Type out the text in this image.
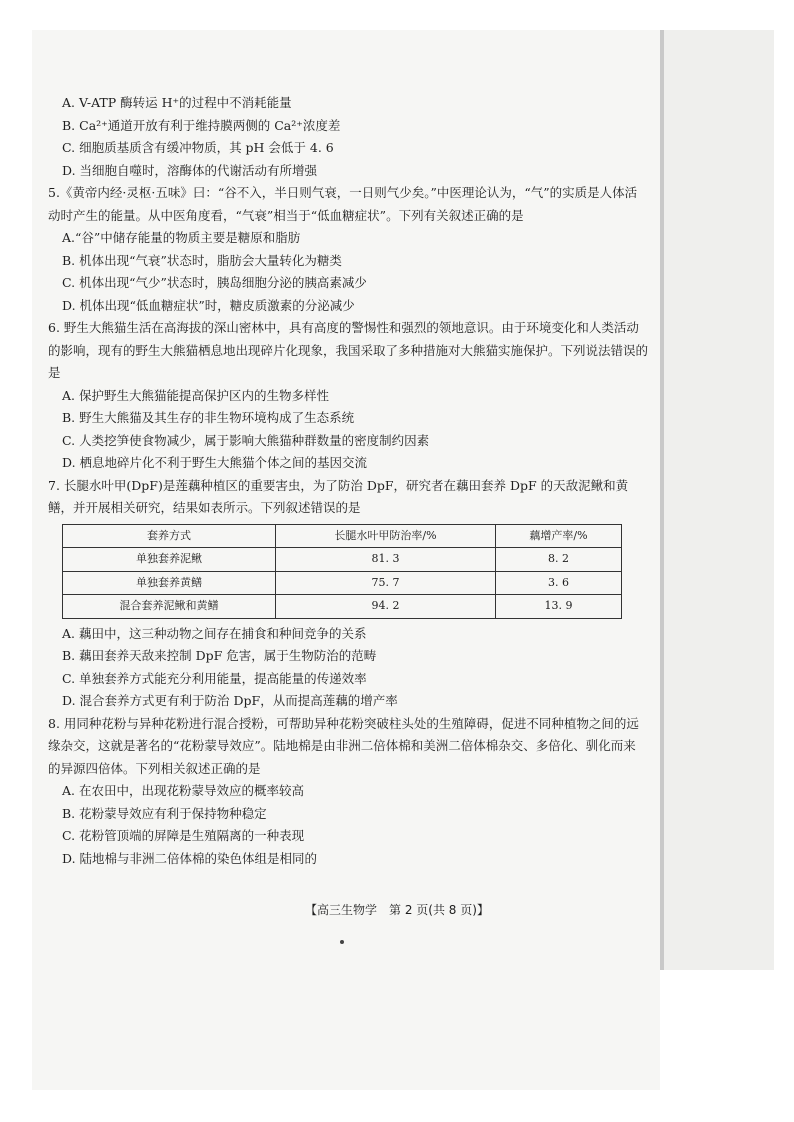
A. V-ATP 酶转运 H⁺的过程中不消耗能量
B. Ca²⁺通道开放有利于维持膜两侧的 Ca²⁺浓度差
C. 细胞质基质含有缓冲物质，其 pH 会低于 4. 6
D. 当细胞自噬时，溶酶体的代谢活动有所增强
5.《黄帝内经·灵枢·五味》曰：“谷不入，半日则气衰，一日则气少矣。”中医理论认为，“气”的实质是人体活动时产生的能量。从中医角度看，“气衰”相当于“低血糖症状”。下列有关叙述正确的是
A.“谷”中储存能量的物质主要是糖原和脂肪
B. 机体出现“气衰”状态时，脂肪会大量转化为糖类
C. 机体出现“气少”状态时，胰岛细胞分泌的胰高素减少
D. 机体出现“低血糖症状”时，糖皮质激素的分泌减少
6. 野生大熊猫生活在高海拔的深山密林中，具有高度的警惕性和强烈的领地意识。由于环境变化和人类活动的影响，现有的野生大熊猫栖息地出现碎片化现象，我国采取了多种措施对大熊猫实施保护。下列说法错误的是
A. 保护野生大熊猫能提高保护区内的生物多样性
B. 野生大熊猫及其生存的非生物环境构成了生态系统
C. 人类挖笋使食物减少，属于影响大熊猫种群数量的密度制约因素
D. 栖息地碎片化不利于野生大熊猫个体之间的基因交流
7. 长腿水叶甲(DpF)是莲藕种植区的重要害虫，为了防治 DpF，研究者在藕田套养 DpF 的天敌泥鳅和黄鳝，并开展相关研究，结果如表所示。下列叙述错误的是
套养方式	长腿水叶甲防治率/%	藕增产率/%
单独套养泥鳅	81. 3	8. 2
单独套养黄鳝	75. 7	3. 6
混合套养泥鳅和黄鳝	94. 2	13. 9
A. 藕田中，这三种动物之间存在捕食和种间竞争的关系
B. 藕田套养天敌来控制 DpF 危害，属于生物防治的范畴
C. 单独套养方式能充分利用能量，提高能量的传递效率
D. 混合套养方式更有利于防治 DpF，从而提高莲藕的增产率
8. 用同种花粉与异种花粉进行混合授粉，可帮助异种花粉突破柱头处的生殖障碍，促进不同种植物之间的远缘杂交，这就是著名的“花粉蒙导效应”。陆地棉是由非洲二倍体棉和美洲二倍体棉杂交、多倍化、驯化而来的异源四倍体。下列相关叙述正确的是
A. 在农田中，出现花粉蒙导效应的概率较高
B. 花粉蒙导效应有利于保持物种稳定
C. 花粉管顶端的屏障是生殖隔离的一种表现
D. 陆地棉与非洲二倍体棉的染色体组是相同的
【高三生物学　第 2 页(共 8 页)】
